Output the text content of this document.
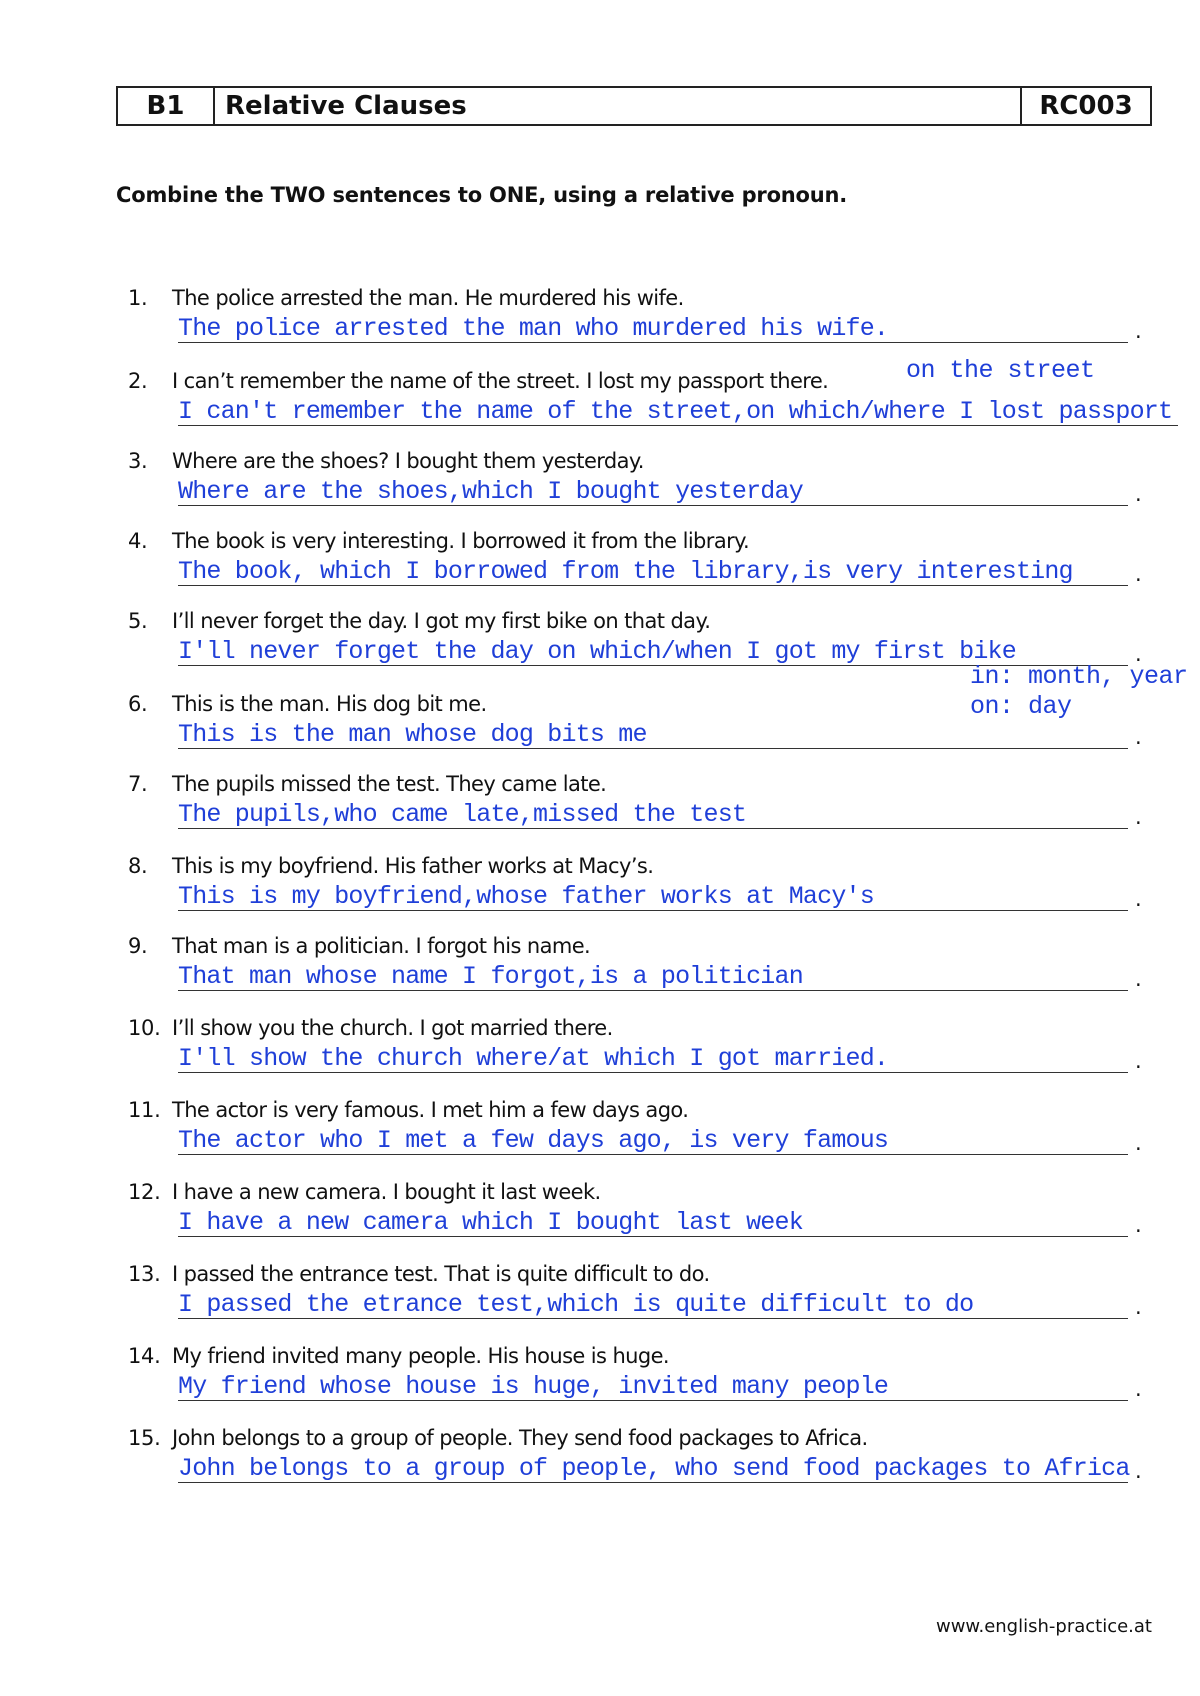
B1	Relative Clauses	RC003
Combine the TWO sentences to ONE, using a relative pronoun.
1. The police arrested the man. He murdered his wife.
The police arrested the man who murdered his wife.	.
2. I can’t remember the name of the street. I lost my passport there.
I can't remember the name of the street,on which/where I lost passport
3. Where are the shoes? I bought them yesterday.
Where are the shoes,which I bought yesterday	.
4. The book is very interesting. I borrowed it from the library.
The book, which I borrowed from the library,is very interesting	.
5. I’ll never forget the day. I got my first bike on that day.
I'll never forget the day on which/when I got my first bike	.
6. This is the man. His dog bit me.
This is the man whose dog bits me	.
7. The pupils missed the test. They came late.
The pupils,who came late,missed the test	.
8. This is my boyfriend. His father works at Macy’s.
This is my boyfriend,whose father works at Macy's	.
9. That man is a politician. I forgot his name.
That man whose name I forgot,is a politician	.
10. I’ll show you the church. I got married there.
I'll show the church where/at which I got married.	.
11. The actor is very famous. I met him a few days ago.
The actor who I met a few days ago, is very famous	.
12. I have a new camera. I bought it last week.
I have a new camera which I bought last week	.
13. I passed the entrance test. That is quite difficult to do.
I passed the etrance test,which is quite difficult to do	.
14. My friend invited many people. His house is huge.
My friend whose house is huge, invited many people	.
15. John belongs to a group of people. They send food packages to Africa.
John belongs to a group of people, who send food packages to Africa .
on the street
in: month, year
on: day
www.english-practice.at
